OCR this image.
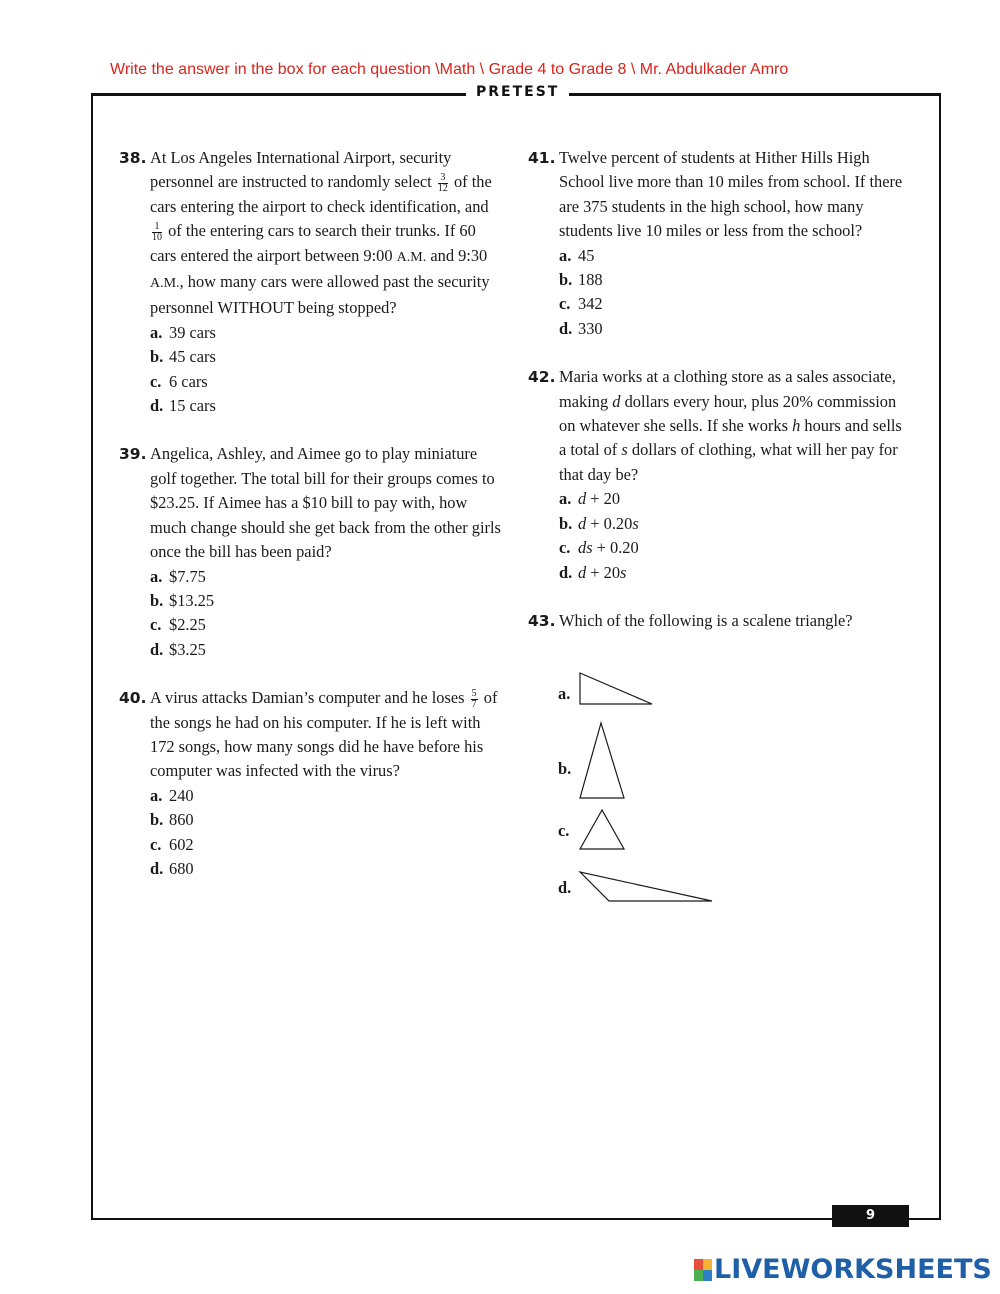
Write the answer in the box for each question \Math \ Grade 4 to Grade 8 \ Mr. Abdulkader Amro
PRETEST
38. At Los Angeles International Airport, security personnel are instructed to randomly select $\frac{3}{12}$ of the cars entering the airport to check identification, and
$\frac{1}{10}$ of the entering cars to search their trunks. If 60 cars entered the airport between 9:00 A.M. and 9:30 A.M., how many cars were allowed past the security personnel WITHOUT being stopped?
a. 39 cars
b. 45 cars
c. 6 cars
d. 15 cars
39. Angelica, Ashley, and Aimee go to play miniature golf together. The total bill for their groups comes to $23.25. If Aimee has a $10 bill to pay with, how much change should she get back from the other girls once the bill has been paid?
a. $7.75
b. $13.25
c. $2.25
d. $3.25
40. A virus attacks Damian’s computer and he loses $\frac{5}{7}$ of the songs he had on his computer. If he is left with 172 songs, how many songs did he have before his computer was infected with the virus?
a. 240
b. 860
c. 602
d. 680
41. Twelve percent of students at Hither Hills High School live more than 10 miles from school. If there are 375 students in the high school, how many students live 10 miles or less from the school?
a. 45
b. 188
c. 342
d. 330
42. Maria works at a clothing store as a sales associate, making d dollars every hour, plus 20% commission on whatever she sells. If she works h hours and sells a total of s dollars of clothing, what will her pay for that day be?
a. d + 20
b. d + 0.20s
c. ds + 0.20
d. d + 20s
43. Which of the following is a scalene triangle?
a.
b.
c.
d.
9
LIVEWORKSHEETS
